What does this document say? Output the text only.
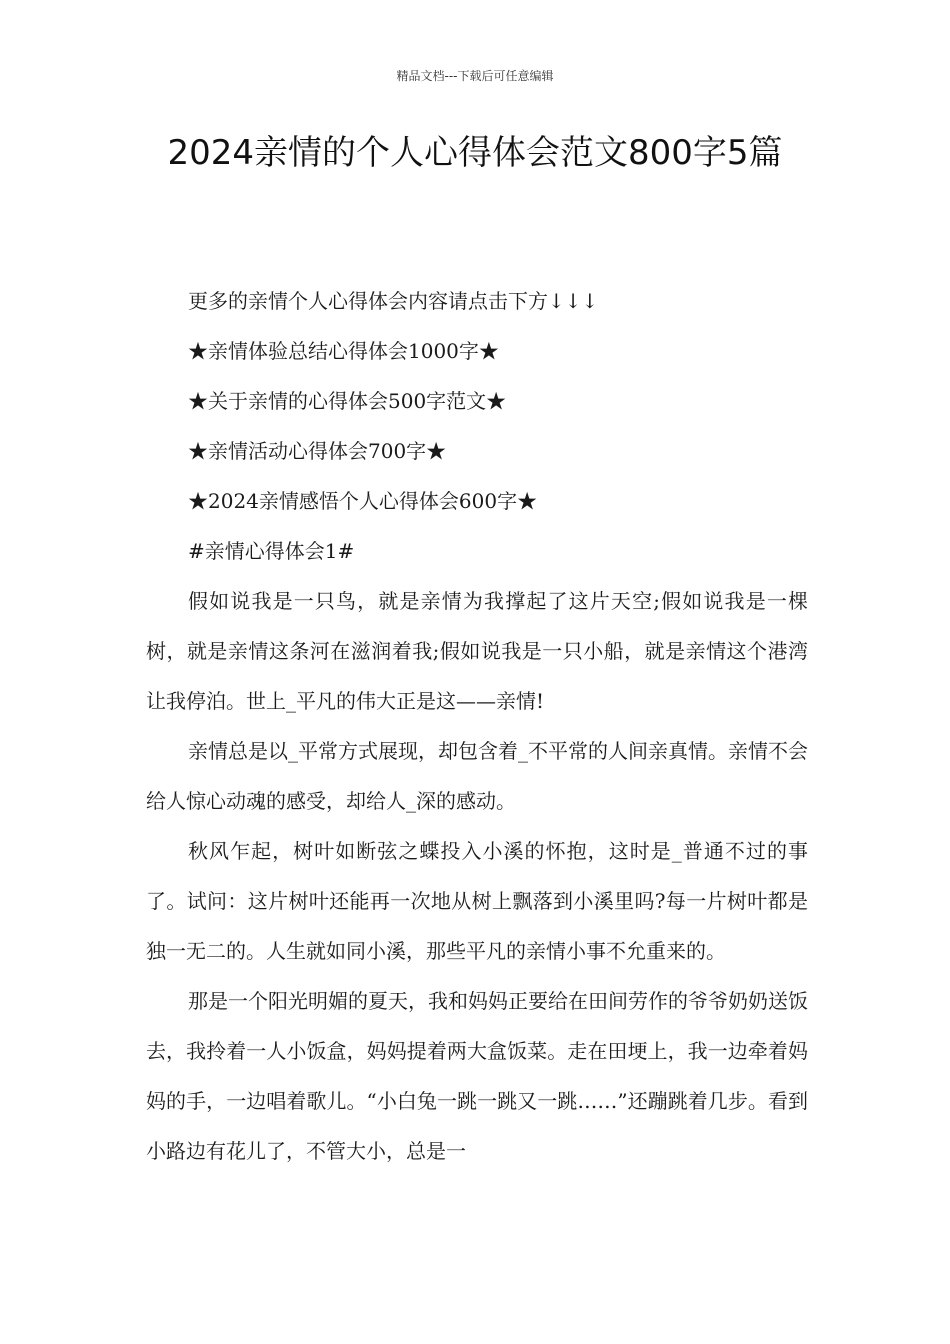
精品文档---下载后可任意编辑
2024亲情的个人心得体会范文800字5篇

更多的亲情个人心得体会内容请点击下方↓↓↓

★亲情体验总结心得体会1000字★

★关于亲情的心得体会500字范文★

★亲情活动心得体会700字★

★2024亲情感悟个人心得体会600字★

#亲情心得体会1#

假如说我是一只鸟，就是亲情为我撑起了这片天空;假如说我是一棵树，就是亲情这条河在滋润着我;假如说我是一只小船，就是亲情这个港湾让我停泊。世上_平凡的伟大正是这——亲情!

亲情总是以_平常方式展现，却包含着_不平常的人间亲真情。亲情不会给人惊心动魂的感受，却给人_深的感动。

秋风乍起，树叶如断弦之蝶投入小溪的怀抱，这时是_普通不过的事了。试问：这片树叶还能再一次地从树上飘落到小溪里吗?每一片树叶都是独一无二的。人生就如同小溪，那些平凡的亲情小事不允重来的。

那是一个阳光明媚的夏天，我和妈妈正要给在田间劳作的爷爷奶奶送饭去，我拎着一人小饭盒，妈妈提着两大盒饭菜。走在田埂上，我一边牵着妈妈的手，一边唱着歌儿。“小白兔一跳一跳又一跳……”还蹦跳着几步。看到小路边有花儿了，不管大小，总是一
